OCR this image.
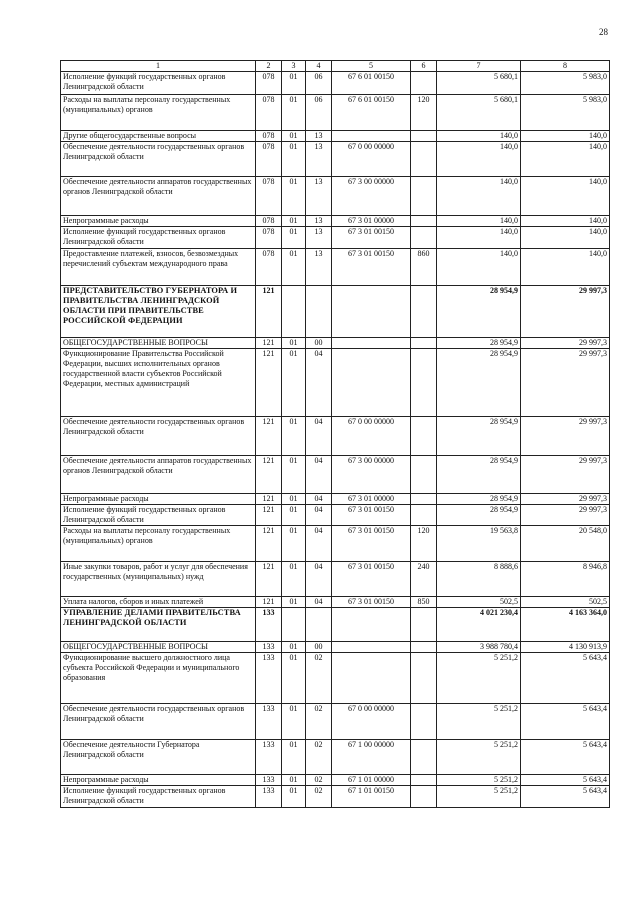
28
1	2	3	4	5	6	7	8
Исполнение функций государственных органов Ленинградской области	078	01	06	67 6 01 00150		5 680,1	5 983,0
Расходы на выплаты персоналу государственных (муниципальных) органов	078	01	06	67 6 01 00150	120	5 680,1	5 983,0
Другие общегосударственные вопросы	078	01	13			140,0	140,0
Обеспечение деятельности государственных органов Ленинградской области	078	01	13	67 0 00 00000		140,0	140,0
Обеспечение деятельности аппаратов государственных органов Ленинградской области	078	01	13	67 3 00 00000		140,0	140,0
Непрограммные расходы	078	01	13	67 3 01 00000		140,0	140,0
Исполнение функций государственных органов Ленинградской области	078	01	13	67 3 01 00150		140,0	140,0
Предоставление платежей, взносов, безвозмездных перечислений субъектам международного права	078	01	13	67 3 01 00150	860	140,0	140,0
ПРЕДСТАВИТЕЛЬСТВО ГУБЕРНАТОРА И ПРАВИТЕЛЬСТВА ЛЕНИНГРАДСКОЙ ОБЛАСТИ ПРИ ПРАВИТЕЛЬСТВЕ РОССИЙСКОЙ ФЕДЕРАЦИИ	121					28 954,9	29 997,3
ОБЩЕГОСУДАРСТВЕННЫЕ ВОПРОСЫ	121	01	00			28 954,9	29 997,3
Функционирование Правительства Российской Федерации, высших исполнительных органов государственной власти субъектов Российской Федерации, местных администраций	121	01	04			28 954,9	29 997,3
Обеспечение деятельности государственных органов Ленинградской области	121	01	04	67 0 00 00000		28 954,9	29 997,3
Обеспечение деятельности аппаратов государственных органов Ленинградской области	121	01	04	67 3 00 00000		28 954,9	29 997,3
Непрограммные расходы	121	01	04	67 3 01 00000		28 954,9	29 997,3
Исполнение функций государственных органов Ленинградской области	121	01	04	67 3 01 00150		28 954,9	29 997,3
Расходы на выплаты персоналу государственных (муниципальных) органов	121	01	04	67 3 01 00150	120	19 563,8	20 548,0
Иные закупки товаров, работ и услуг для обеспечения государственных (муниципальных) нужд	121	01	04	67 3 01 00150	240	8 888,6	8 946,8
Уплата налогов, сборов и иных платежей	121	01	04	67 3 01 00150	850	502,5	502,5
УПРАВЛЕНИЕ ДЕЛАМИ ПРАВИТЕЛЬСТВА ЛЕНИНГРАДСКОЙ ОБЛАСТИ	133					4 021 230,4	4 163 364,0
ОБЩЕГОСУДАРСТВЕННЫЕ ВОПРОСЫ	133	01	00			3 988 780,4	4 130 913,9
Функционирование высшего должностного лица субъекта Российской Федерации и муниципального образования	133	01	02			5 251,2	5 643,4
Обеспечение деятельности государственных органов Ленинградской области	133	01	02	67 0 00 00000		5 251,2	5 643,4
Обеспечение деятельности Губернатора Ленинградской области	133	01	02	67 1 00 00000		5 251,2	5 643,4
Непрограммные расходы	133	01	02	67 1 01 00000		5 251,2	5 643,4
Исполнение функций государственных органов Ленинградской области	133	01	02	67 1 01 00150		5 251,2	5 643,4
